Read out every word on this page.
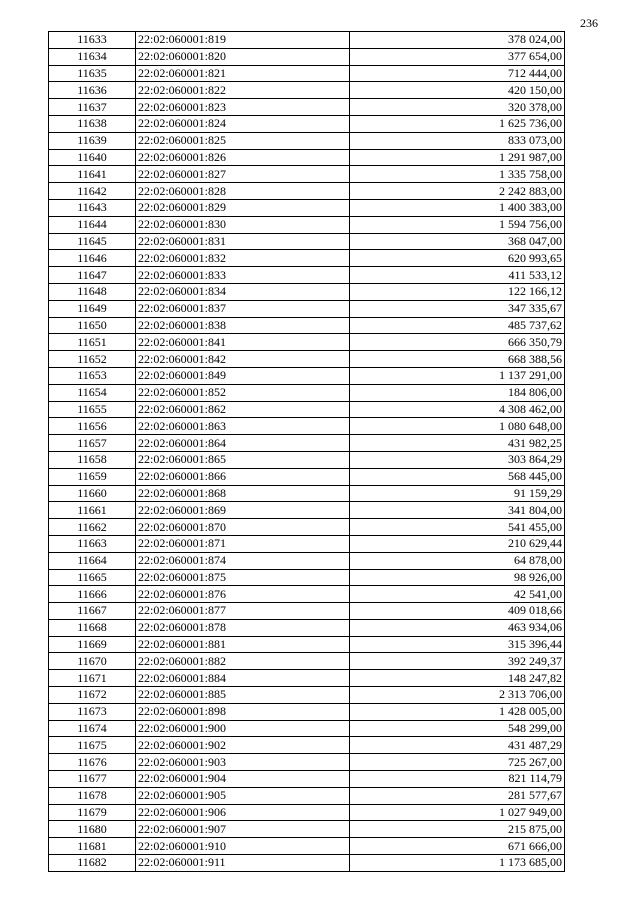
236
11633	22:02:060001:819	378 024,00
11634	22:02:060001:820	377 654,00
11635	22:02:060001:821	712 444,00
11636	22:02:060001:822	420 150,00
11637	22:02:060001:823	320 378,00
11638	22:02:060001:824	1 625 736,00
11639	22:02:060001:825	833 073,00
11640	22:02:060001:826	1 291 987,00
11641	22:02:060001:827	1 335 758,00
11642	22:02:060001:828	2 242 883,00
11643	22:02:060001:829	1 400 383,00
11644	22:02:060001:830	1 594 756,00
11645	22:02:060001:831	368 047,00
11646	22:02:060001:832	620 993,65
11647	22:02:060001:833	411 533,12
11648	22:02:060001:834	122 166,12
11649	22:02:060001:837	347 335,67
11650	22:02:060001:838	485 737,62
11651	22:02:060001:841	666 350,79
11652	22:02:060001:842	668 388,56
11653	22:02:060001:849	1 137 291,00
11654	22:02:060001:852	184 806,00
11655	22:02:060001:862	4 308 462,00
11656	22:02:060001:863	1 080 648,00
11657	22:02:060001:864	431 982,25
11658	22:02:060001:865	303 864,29
11659	22:02:060001:866	568 445,00
11660	22:02:060001:868	91 159,29
11661	22:02:060001:869	341 804,00
11662	22:02:060001:870	541 455,00
11663	22:02:060001:871	210 629,44
11664	22:02:060001:874	64 878,00
11665	22:02:060001:875	98 926,00
11666	22:02:060001:876	42 541,00
11667	22:02:060001:877	409 018,66
11668	22:02:060001:878	463 934,06
11669	22:02:060001:881	315 396,44
11670	22:02:060001:882	392 249,37
11671	22:02:060001:884	148 247,82
11672	22:02:060001:885	2 313 706,00
11673	22:02:060001:898	1 428 005,00
11674	22:02:060001:900	548 299,00
11675	22:02:060001:902	431 487,29
11676	22:02:060001:903	725 267,00
11677	22:02:060001:904	821 114,79
11678	22:02:060001:905	281 577,67
11679	22:02:060001:906	1 027 949,00
11680	22:02:060001:907	215 875,00
11681	22:02:060001:910	671 666,00
11682	22:02:060001:911	1 173 685,00
